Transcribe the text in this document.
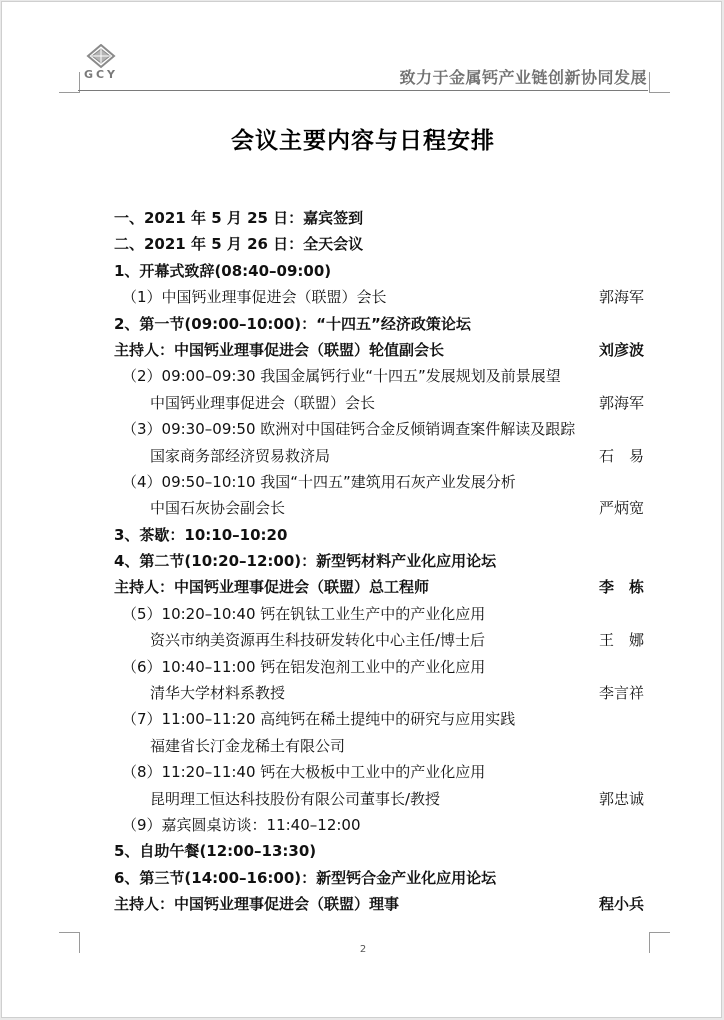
GCY	致力于金属钙产业链创新协同发展
会议主要内容与日程安排
一、2021 年 5 月 25 日：嘉宾签到
二、2021 年 5 月 26 日：全天会议
1、开幕式致辞(08:40–09:00)
（1）中国钙业理事促进会（联盟）会长	郭海军
2、第一节(09:00–10:00)：“十四五”经济政策论坛
主持人：中国钙业理事促进会（联盟）轮值副会长	刘彦波
（2）09:00–09:30 我国金属钙行业“十四五”发展规划及前景展望
中国钙业理事促进会（联盟）会长	郭海军
（3）09:30–09:50 欧洲对中国硅钙合金反倾销调查案件解读及跟踪
国家商务部经济贸易救济局	石　易
（4）09:50–10:10 我国“十四五”建筑用石灰产业发展分析
中国石灰协会副会长	严炳宽
3、茶歇：10:10–10:20
4、第二节(10:20–12:00)：新型钙材料产业化应用论坛
主持人：中国钙业理事促进会（联盟）总工程师	李　栋
（5）10:20–10:40 钙在钒钛工业生产中的产业化应用
资兴市纳美资源再生科技研发转化中心主任/博士后	王　娜
（6）10:40–11:00 钙在铝发泡剂工业中的产业化应用
清华大学材料系教授	李言祥
（7）11:00–11:20 高纯钙在稀土提纯中的研究与应用实践
福建省长汀金龙稀土有限公司
（8）11:20–11:40 钙在大极板中工业中的产业化应用
昆明理工恒达科技股份有限公司董事长/教授	郭忠诚
（9）嘉宾圆桌访谈：11:40–12:00
5、自助午餐(12:00–13:30)
6、第三节(14:00–16:00)：新型钙合金产业化应用论坛
主持人：中国钙业理事促进会（联盟）理事	程小兵
2
